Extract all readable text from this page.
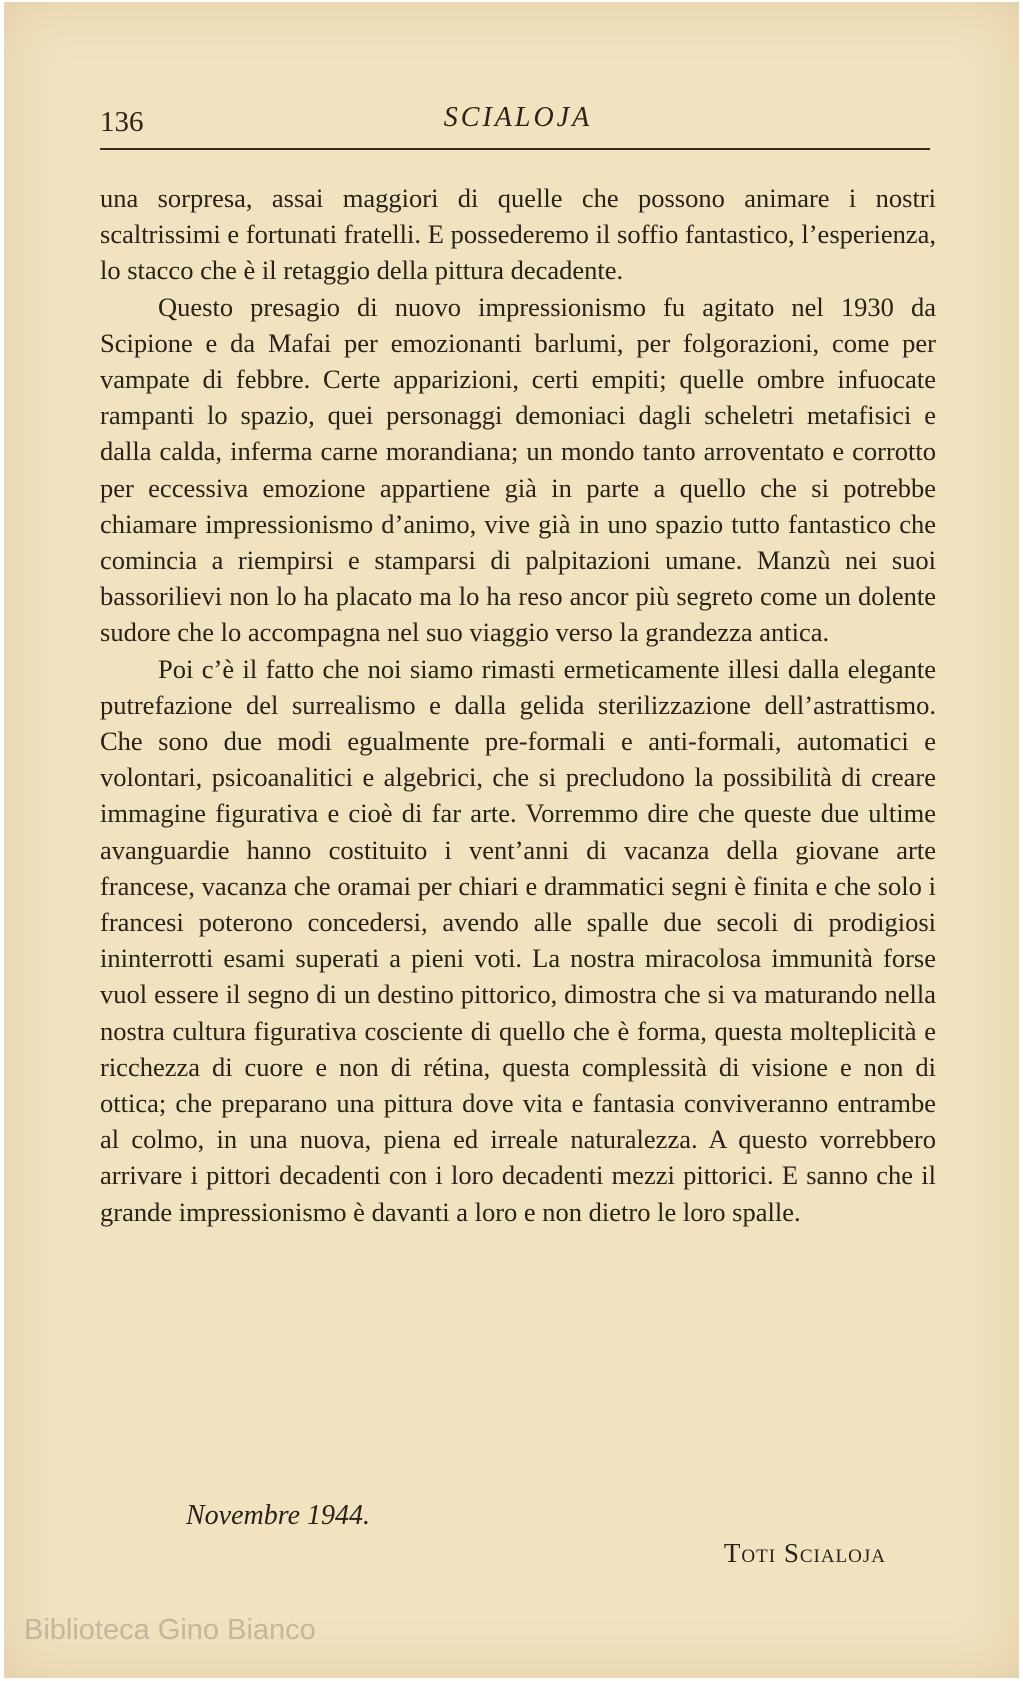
136	SCIALOJA

una sorpresa, assai maggiori di quelle che possono animare i nostri scaltrissimi e fortunati fratelli. E possederemo il soffio fantastico, l’esperienza, lo stacco che è il retaggio della pittura decadente.

Questo presagio di nuovo impressionismo fu agitato nel 1930 da Scipione e da Mafai per emozionanti barlumi, per folgorazioni, come per vampate di febbre. Certe apparizioni, certi empiti; quelle ombre infuocate rampanti lo spazio, quei personaggi demoniaci dagli scheletri metafisici e dalla calda, inferma carne morandiana; un mondo tanto arroventato e corrotto per eccessiva emozione appartiene già in parte a quello che si potrebbe chiamare impressionismo d’animo, vive già in uno spazio tutto fantastico che comincia a riempirsi e stamparsi di palpitazioni umane. Manzù nei suoi bassorilievi non lo ha placato ma lo ha reso ancor più segreto come un dolente sudore che lo accompagna nel suo viaggio verso la grandezza antica.

Poi c’è il fatto che noi siamo rimasti ermeticamente illesi dalla elegante putrefazione del surrealismo e dalla gelida sterilizzazione dell’astrattismo. Che sono due modi egualmente pre-formali e anti-formali, automatici e volontari, psicoanalitici e algebrici, che si precludono la possibilità di creare immagine figurativa e cioè di far arte. Vorremmo dire che queste due ultime avanguardie hanno costituito i vent’anni di vacanza della giovane arte francese, vacanza che oramai per chiari e drammatici segni è finita e che solo i francesi poterono concedersi, avendo alle spalle due secoli di prodigiosi ininterrotti esami superati a pieni voti. La nostra miracolosa immunità forse vuol essere il segno di un destino pittorico, dimostra che si va maturando nella nostra cultura figurativa cosciente di quello che è forma, questa molteplicità e ricchezza di cuore e non di rétina, questa complessità di visione e non di ottica; che preparano una pittura dove vita e fantasia conviveranno entrambe al colmo, in una nuova, piena ed irreale naturalezza. A questo vorrebbero arrivare i pittori decadenti con i loro decadenti mezzi pittorici. E sanno che il grande impressionismo è davanti a loro e non dietro le loro spalle.

Novembre 1944.
Toti Scialoja
Biblioteca Gino Bianco
